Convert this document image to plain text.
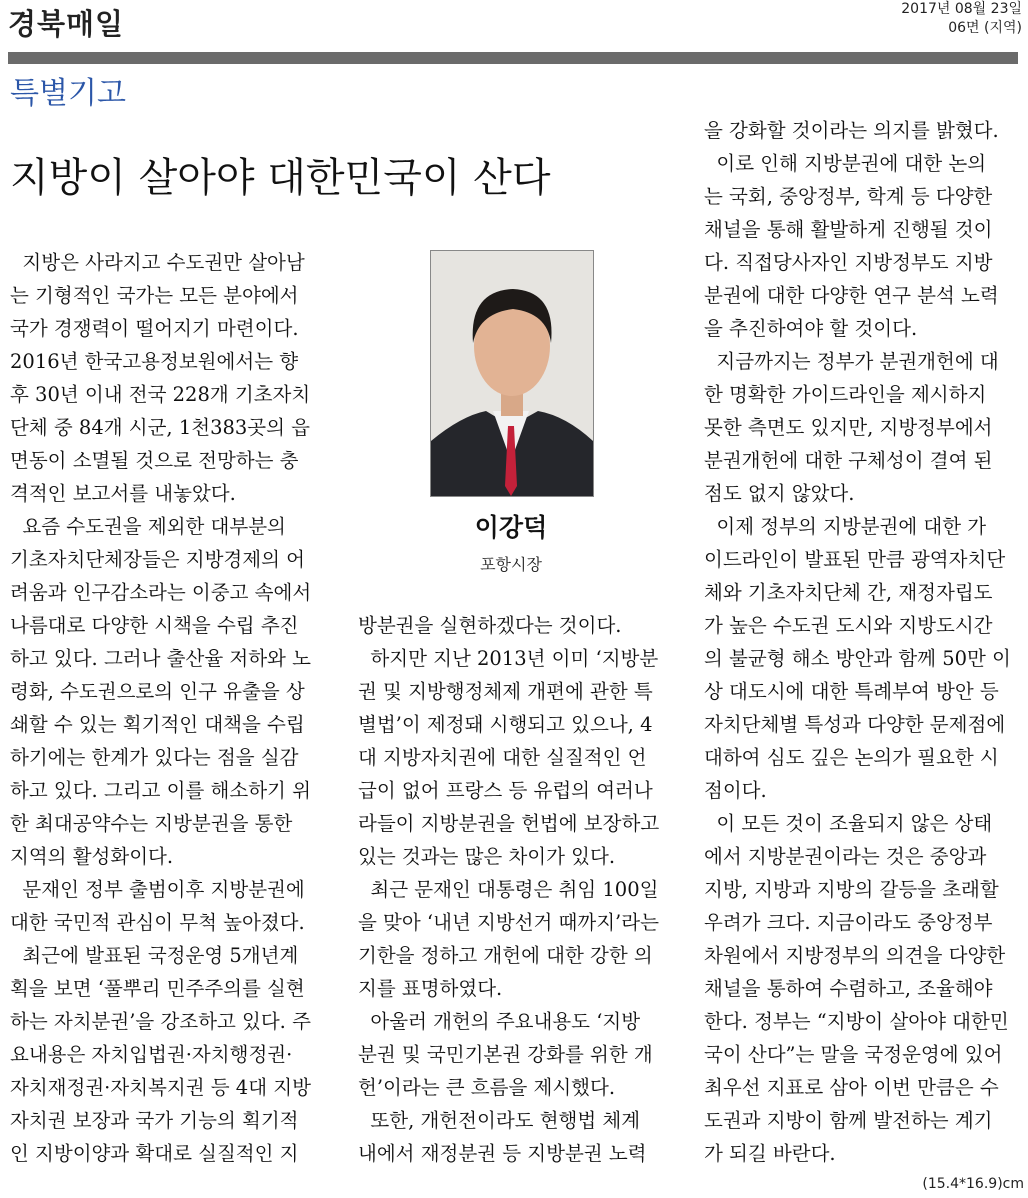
경북매일	2017년 08월 23일
06면 (지역)
특별기고
지방이 살아야 대한민국이 산다

지방은 사라지고 수도권만 살아남

는 기형적인 국가는 모든 분야에서

국가 경쟁력이 떨어지기 마련이다.

2016년 한국고용정보원에서는 향

후 30년 이내 전국 228개 기초자치

단체 중 84개 시군, 1천383곳의 읍

면동이 소멸될 것으로 전망하는 충

격적인 보고서를 내놓았다.

요즘 수도권을 제외한 대부분의

기초자치단체장들은 지방경제의 어

려움과 인구감소라는 이중고 속에서

나름대로 다양한 시책을 수립 추진

하고 있다. 그러나 출산율 저하와 노

령화, 수도권으로의 인구 유출을 상

쇄할 수 있는 획기적인 대책을 수립

하기에는 한계가 있다는 점을 실감

하고 있다. 그리고 이를 해소하기 위

한 최대공약수는 지방분권을 통한

지역의 활성화이다.

문재인 정부 출범이후 지방분권에

대한 국민적 관심이 무척 높아졌다.

최근에 발표된 국정운영 5개년계

획을 보면 ‘풀뿌리 민주주의를 실현

하는 자치분권’을 강조하고 있다. 주

요내용은 자치입법권·자치행정권·

자치재정권·자치복지권 등 4대 지방

자치권 보장과 국가 기능의 획기적

인 지방이양과 확대로 실질적인 지

이강덕
포항시장

방분권을 실현하겠다는 것이다.

하지만 지난 2013년 이미 ‘지방분

권 및 지방행정체제 개편에 관한 특

별법’이 제정돼 시행되고 있으나, 4

대 지방자치권에 대한 실질적인 언

급이 없어 프랑스 등 유럽의 여러나

라들이 지방분권을 헌법에 보장하고

있는 것과는 많은 차이가 있다.

최근 문재인 대통령은 취임 100일

을 맞아 ‘내년 지방선거 때까지’라는

기한을 정하고 개헌에 대한 강한 의

지를 표명하였다.

아울러 개헌의 주요내용도 ‘지방

분권 및 국민기본권 강화를 위한 개

헌’이라는 큰 흐름을 제시했다.

또한, 개헌전이라도 현행법 체계

내에서 재정분권 등 지방분권 노력

을 강화할 것이라는 의지를 밝혔다.

이로 인해 지방분권에 대한 논의

는 국회, 중앙정부, 학계 등 다양한

채널을 통해 활발하게 진행될 것이

다. 직접당사자인 지방정부도 지방

분권에 대한 다양한 연구 분석 노력

을 추진하여야 할 것이다.

지금까지는 정부가 분권개헌에 대

한 명확한 가이드라인을 제시하지

못한 측면도 있지만, 지방정부에서

분권개헌에 대한 구체성이 결여 된

점도 없지 않았다.

이제 정부의 지방분권에 대한 가

이드라인이 발표된 만큼 광역자치단

체와 기초자치단체 간, 재정자립도

가 높은 수도권 도시와 지방도시간

의 불균형 해소 방안과 함께 50만 이

상 대도시에 대한 특례부여 방안 등

자치단체별 특성과 다양한 문제점에

대하여 심도 깊은 논의가 필요한 시

점이다.

이 모든 것이 조율되지 않은 상태

에서 지방분권이라는 것은 중앙과

지방, 지방과 지방의 갈등을 초래할

우려가 크다. 지금이라도 중앙정부

차원에서 지방정부의 의견을 다양한

채널을 통하여 수렴하고, 조율해야

한다. 정부는 “지방이 살아야 대한민

국이 산다”는 말을 국정운영에 있어

최우선 지표로 삼아 이번 만큼은 수

도권과 지방이 함께 발전하는 계기

가 되길 바란다.

(15.4*16.9)cm
